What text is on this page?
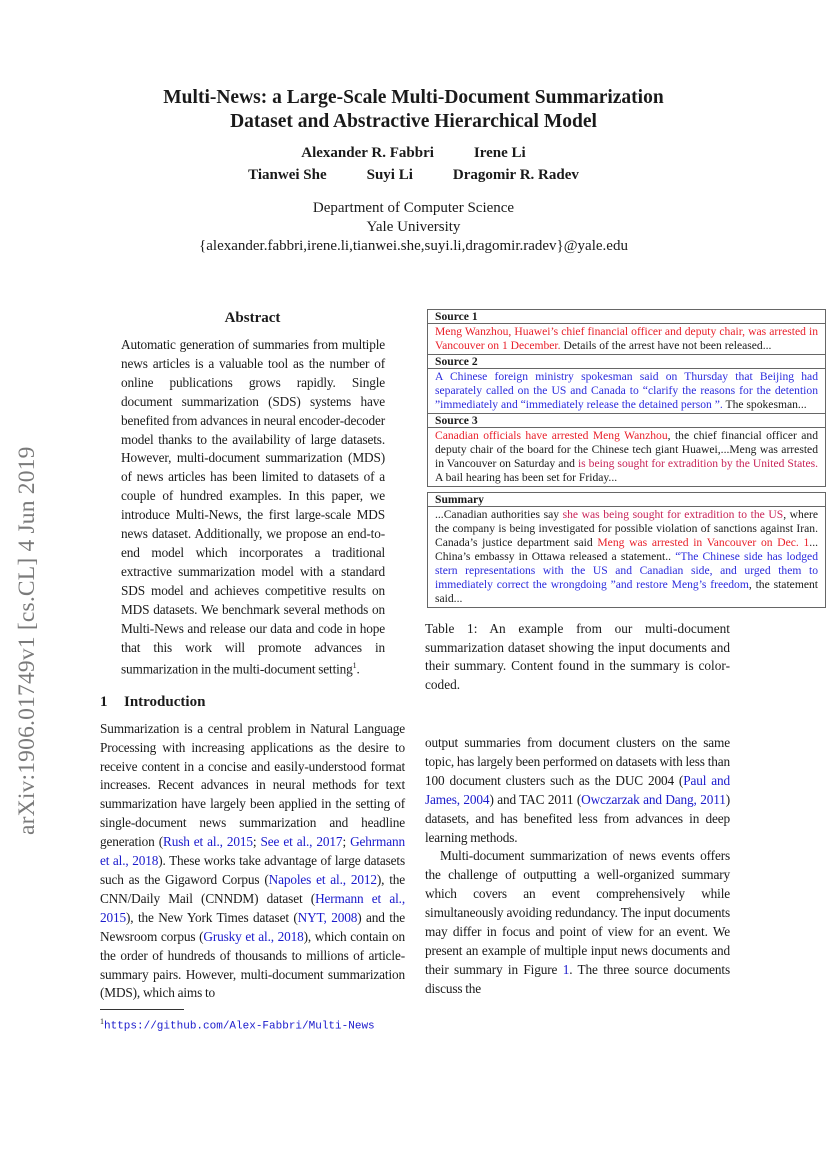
Multi-News: a Large-Scale Multi-Document Summarization
Dataset and Abstractive Hierarchical Model
Alexander R. Fabbri	Irene Li
Tianwei She	Suyi Li	Dragomir R. Radev
Department of Computer Science
Yale University
{alexander.fabbri,irene.li,tianwei.she,suyi.li,dragomir.radev}@yale.edu
arXiv:1906.01749v1 [cs.CL] 4 Jun 2019
Abstract
Automatic generation of summaries from multiple news articles is a valuable tool as the number of online publications grows rapidly. Single document summarization (SDS) systems have benefited from advances in neural encoder-decoder model thanks to the availability of large datasets. However, multi-document summarization (MDS) of news articles has been limited to datasets of a couple of hundred examples. In this paper, we introduce Multi-News, the first large-scale MDS news dataset. Additionally, we propose an end-to-end model which incorporates a traditional extractive summarization model with a standard SDS model and achieves competitive results on MDS datasets. We benchmark several methods on Multi-News and release our data and code in hope that this work will promote advances in summarization in the multi-document setting$^1$.
1 Introduction
Summarization is a central problem in Natural Language Processing with increasing applications as the desire to receive content in a concise and easily-understood format increases. Recent advances in neural methods for text summarization have largely been applied in the setting of single-document news summarization and headline generation (Rush et al., 2015; See et al., 2017; Gehrmann et al., 2018). These works take advantage of large datasets such as the Gigaword Corpus (Napoles et al., 2012), the CNN/Daily Mail (CNNDM) dataset (Hermann et al., 2015), the New York Times dataset (NYT, 2008) and the Newsroom corpus (Grusky et al., 2018), which contain on the order of hundreds of thousands to millions of article-summary pairs. However, multi-document summarization (MDS), which aims to
$^1$https://github.com/Alex-Fabbri/Multi-News
Source 1
Meng Wanzhou, Huawei’s chief financial officer and deputy chair, was arrested in Vancouver on 1 December. Details of the arrest have not been released...
Source 2
A Chinese foreign ministry spokesman said on Thursday that Beijing had separately called on the US and Canada to “clarify the reasons for the detention ”immediately and “immediately release the detained person ”. The spokesman...
Source 3
Canadian officials have arrested Meng Wanzhou, the chief financial officer and deputy chair of the board for the Chinese tech giant Huawei,...Meng was arrested in Vancouver on Saturday and is being sought for extradition by the United States. A bail hearing has been set for Friday...
Summary
...Canadian authorities say she was being sought for extradition to the US, where the company is being investigated for possible violation of sanctions against Iran. Canada’s justice department said Meng was arrested in Vancouver on Dec. 1... China’s embassy in Ottawa released a statement.. “The Chinese side has lodged stern representations with the US and Canadian side, and urged them to immediately correct the wrongdoing ”and restore Meng’s freedom, the statement said...
Table 1: An example from our multi-document summarization dataset showing the input documents and their summary. Content found in the summary is color-coded.
output summaries from document clusters on the same topic, has largely been performed on datasets with less than 100 document clusters such as the DUC 2004 (Paul and James, 2004) and TAC 2011 (Owczarzak and Dang, 2011) datasets, and has benefited less from advances in deep learning methods.
Multi-document summarization of news events offers the challenge of outputting a well-organized summary which covers an event comprehensively while simultaneously avoiding redundancy. The input documents may differ in focus and point of view for an event. We present an example of multiple input news documents and their summary in Figure 1. The three source documents discuss the
